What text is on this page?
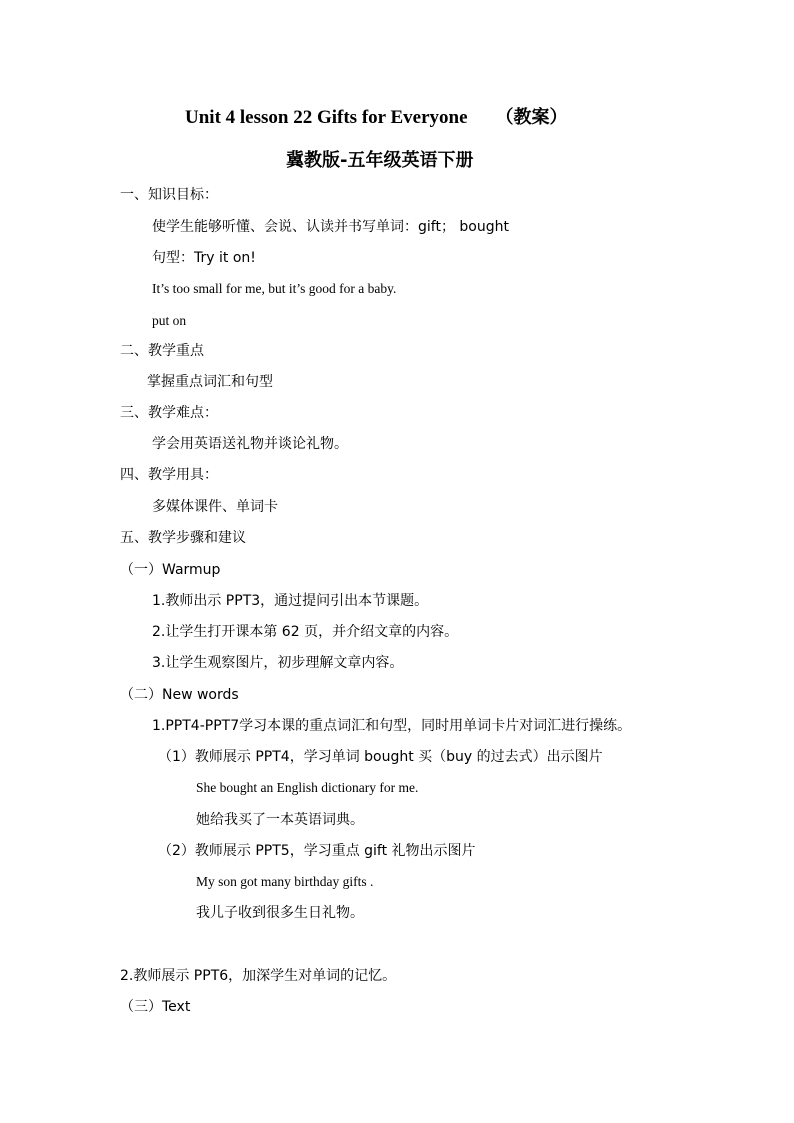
Unit 4 lesson 22 Gifts for Everyone （教案）
冀教版-五年级英语下册
一、知识目标：
使学生能够听懂、会说、认读并书写单词：gift； bought
句型：Try it on!
It’s too small for me, but it’s good for a baby.
put on
二、教学重点
掌握重点词汇和句型
三、教学难点：
学会用英语送礼物并谈论礼物。
四、教学用具：
多媒体课件、单词卡
五、教学步骤和建议
（一）Warmup
1.教师出示 PPT3，通过提问引出本节课题。
2.让学生打开课本第 62 页，并介绍文章的内容。
3.让学生观察图片，初步理解文章内容。
（二）New words
1.PPT4-PPT7学习本课的重点词汇和句型，同时用单词卡片对词汇进行操练。
（1）教师展示 PPT4，学习单词 bought 买（buy 的过去式）出示图片
She bought an English dictionary for me.
她给我买了一本英语词典。
（2）教师展示 PPT5，学习重点 gift 礼物出示图片
My son got many birthday gifts .
我儿子收到很多生日礼物。
2.教师展示 PPT6，加深学生对单词的记忆。
（三）Text
